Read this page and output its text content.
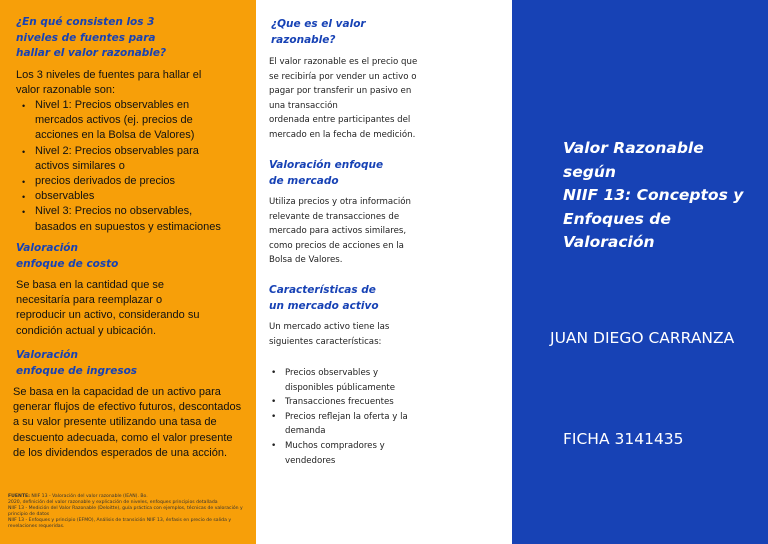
¿En qué consisten los 3
niveles de fuentes para
hallar el valor razonable?
Los 3 niveles de fuentes para hallar el
valor razonable son:
• Nivel 1: Precios observables en
mercados activos (ej. precios de
acciones en la Bolsa de Valores)
• Nivel 2: Precios observables para
activos similares o
• precios derivados de precios
• observables
• Nivel 3: Precios no observables,
basados en supuestos y estimaciones
Valoración
enfoque de costo
Se basa en la cantidad que se
necesitaría para reemplazar o
reproducir un activo, considerando su
condición actual y ubicación.
Valoración
enfoque de ingresos
Se basa en la capacidad de un activo para
generar flujos de efectivo futuros, descontados
a su valor presente utilizando una tasa de
descuento adecuada, como el valor presente
de los dividendos esperados de una acción.
FUENTE: NIIF 13 - Valoración del valor razonable (IEAN). Bo.
2020, definición del valor razonable y explicación de niveles, enfoques principios detallada
NIIF 13 - Medición del Valor Razonable (Deloitte), guía práctica con ejemplos, técnicas de valoración y
principio de datos
NIIF 13 - Enfoques y principio (EFMO), Análisis de transición NIIF 13, énfasis en precio de salida y
revelaciones requeridas.
¿Que es el valor
razonable?
El valor razonable es el precio que
se recibiría por vender un activo o
pagar por transferir un pasivo en
una transacción
ordenada entre participantes del
mercado en la fecha de medición.
Valoración enfoque
de mercado
Utiliza precios y otra información
relevante de transacciones de
mercado para activos similares,
como precios de acciones en la
Bolsa de Valores.
Características de
un mercado activo
Un mercado activo tiene las
siguientes características:
• Precios observables y
disponibles públicamente
• Transacciones frecuentes
• Precios reflejan la oferta y la
demanda
• Muchos compradores y
vendedores
Valor Razonable
según
NIIF 13: Conceptos y
Enfoques de
Valoración
JUAN DIEGO CARRANZA
FICHA 3141435
